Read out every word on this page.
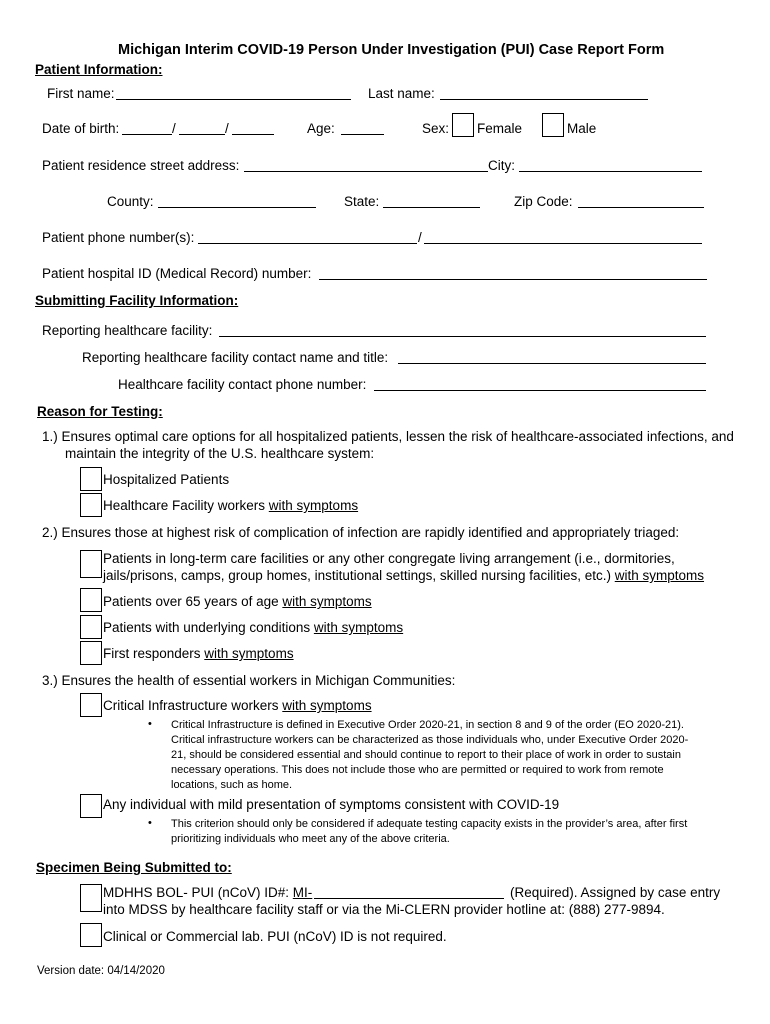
Michigan Interim COVID-19 Person Under Investigation (PUI) Case Report Form
Patient Information:
First name:	Last name:
Date of birth:	/	/	Age:	Sex: Female	Male
Patient residence street address:	City:
County:	State:	Zip Code:
Patient phone number(s):	/
Patient hospital ID (Medical Record) number:
Submitting Facility Information:
Reporting healthcare facility:
Reporting healthcare facility contact name and title:
Healthcare facility contact phone number:
Reason for Testing:
1.) Ensures optimal care options for all hospitalized patients, lessen the risk of healthcare-associated infections, and
maintain the integrity of the U.S. healthcare system:
Hospitalized Patients
Healthcare Facility workers with symptoms
2.) Ensures those at highest risk of complication of infection are rapidly identified and appropriately triaged:
Patients in long-term care facilities or any other congregate living arrangement (i.e., dormitories,
jails/prisons, camps, group homes, institutional settings, skilled nursing facilities, etc.) with symptoms
Patients over 65 years of age with symptoms
Patients with underlying conditions with symptoms
First responders with symptoms
3.) Ensures the health of essential workers in Michigan Communities:
Critical Infrastructure workers with symptoms
• Critical Infrastructure is defined in Executive Order 2020-21, in section 8 and 9 of the order (EO 2020-21).
Critical infrastructure workers can be characterized as those individuals who, under Executive Order 2020-
21, should be considered essential and should continue to report to their place of work in order to sustain
necessary operations. This does not include those who are permitted or required to work from remote
locations, such as home.
Any individual with mild presentation of symptoms consistent with COVID-19
• This criterion should only be considered if adequate testing capacity exists in the provider’s area, after first
prioritizing individuals who meet any of the above criteria.
Specimen Being Submitted to:
MDHHS BOL- PUI (nCoV) ID#: MI-	(Required). Assigned by case entry
into MDSS by healthcare facility staff or via the Mi-CLERN provider hotline at: (888) 277-9894.
Clinical or Commercial lab. PUI (nCoV) ID is not required.
Version date: 04/14/2020
